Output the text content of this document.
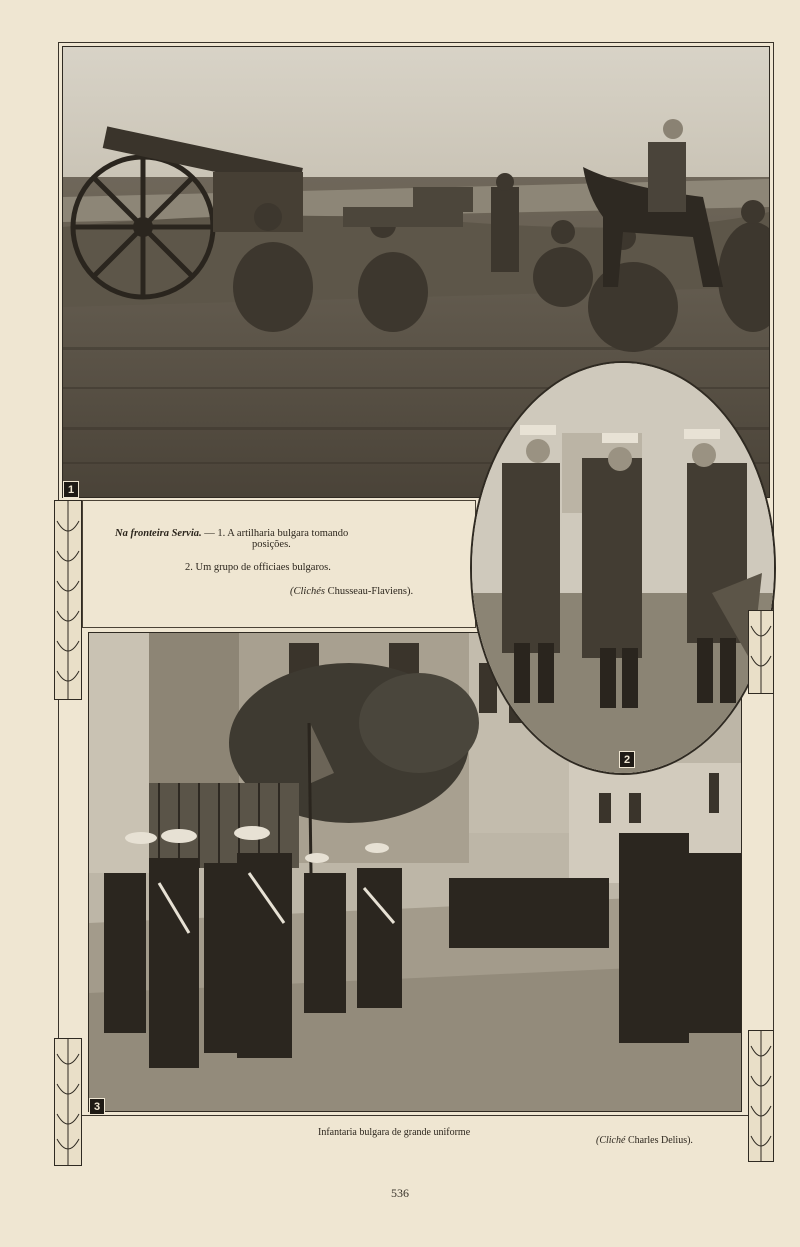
1
Na fronteira Servia. — 1. A artilharia bulgara tomando
posições.
2. Um grupo de officiaes bulgaros.
(Clichés Chusseau-Flaviens).
3
2
Infantaria bulgara de grande uniforme
(Cliché Charles Delius).
536
